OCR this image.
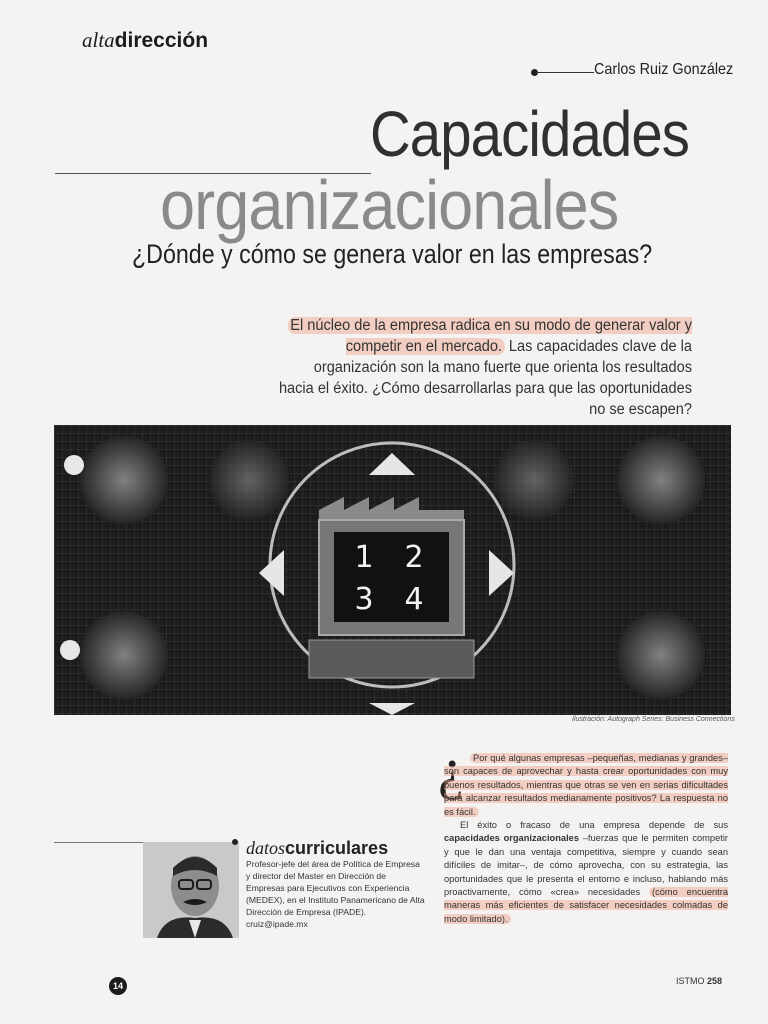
altadirección
Carlos Ruiz González
Capacidades
organizacionales
¿Dónde y cómo se genera valor en las empresas?
El núcleo de la empresa radica en su modo de generar valor y competir en el mercado. Las capacidades clave de la organización son la mano fuerte que orienta los resultados hacia el éxito. ¿Cómo desarrollarlas para que las oportunidades no se escapen?
1 2
3 4
Ilustración: Autograph Series: Business Connections
¿ Por qué algunas empresas –pequeñas, medianas y grandes– son capaces de aprovechar y hasta crear oportunidades con muy buenos resultados, mientras que otras se ven en serias dificultades para alcanzar resultados medianamente positivos? La respuesta no es fácil.

El éxito o fracaso de una empresa depende de sus capacidades organizacionales –fuerzas que le permiten competir y que le dan una ventaja competitiva, siempre y cuando sean difíciles de imitar–, de cómo aprovecha, con su estrategia, las oportunidades que le presenta el entorno e incluso, hablando más proactivamente, cómo «crea» necesidades (cómo encuentra maneras más eficientes de satisfacer necesidades colmadas de modo limitado).

datoscurriculares
Profesor-jefe del área de Política de Empresa y director del Master en Dirección de Empresas para Ejecutivos con Experiencia (MEDEX), en el Instituto Panamericano de Alta Dirección de Empresa (IPADE).
cruiz@ipade.mx
14	ISTMO 258
